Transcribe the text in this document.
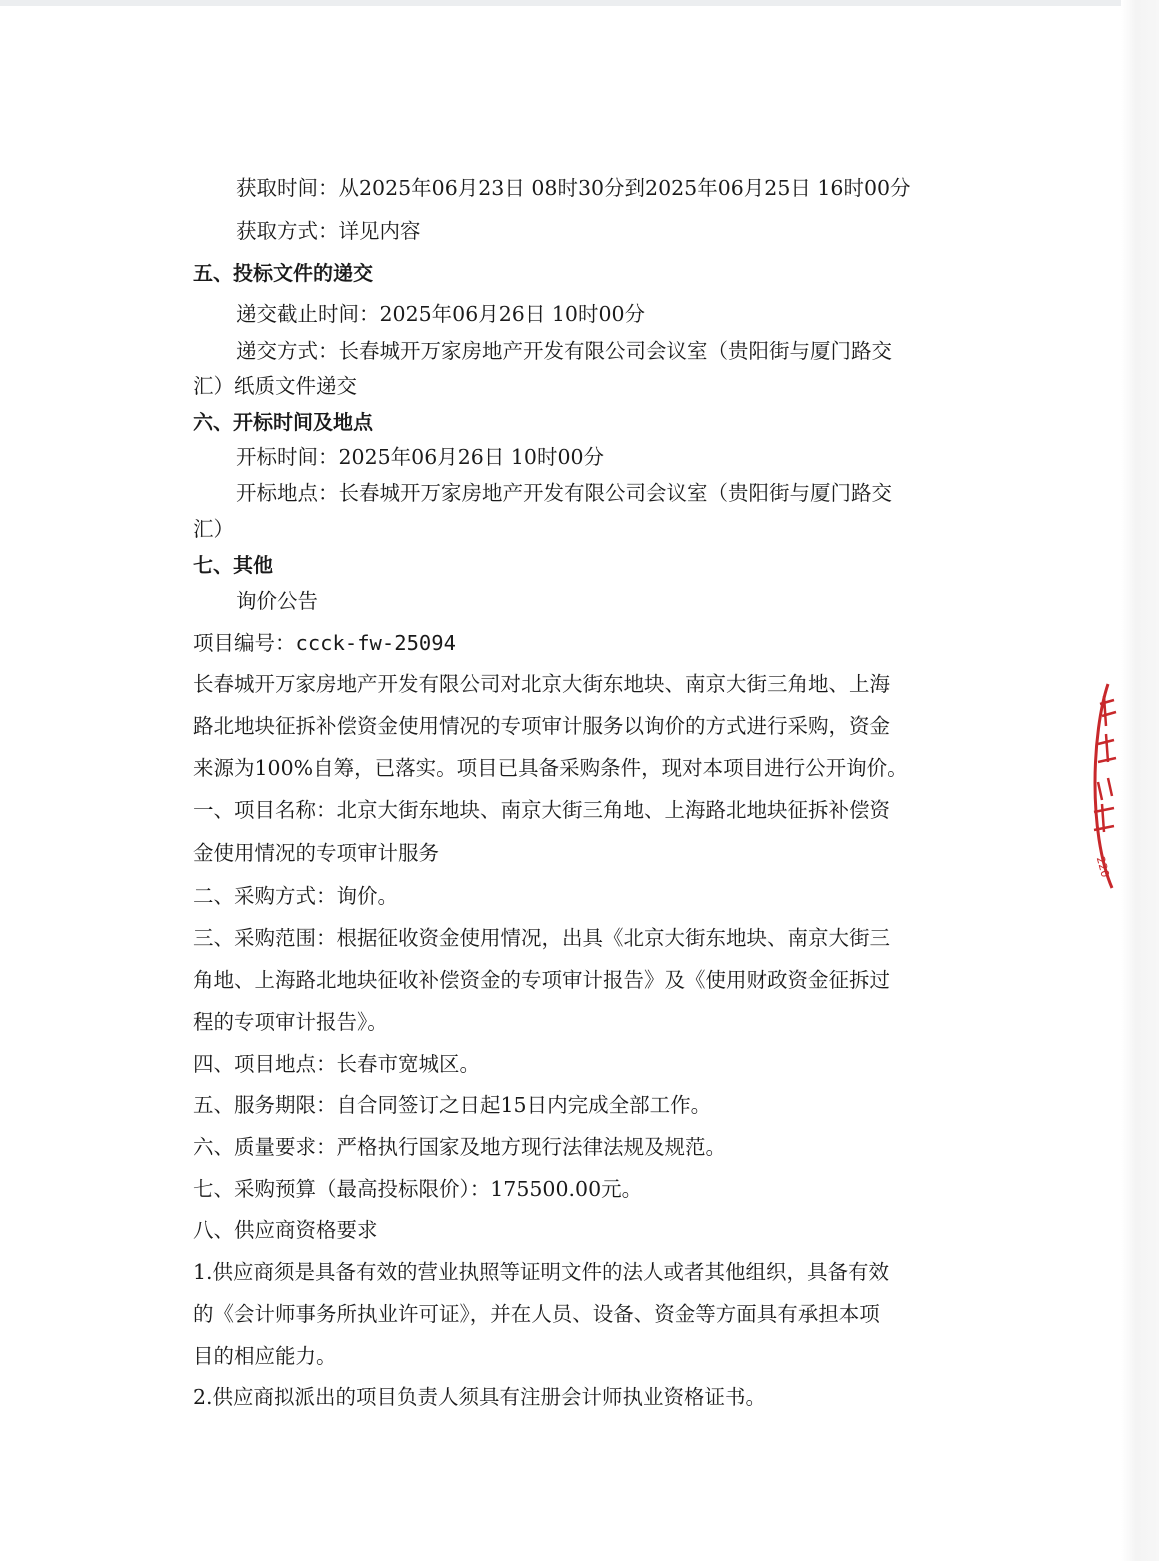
获取时间：从2025年06月23日 08时30分到2025年06月25日 16时00分

获取方式：详见内容

五、投标文件的递交

递交截止时间：2025年06月26日 10时00分

递交方式：长春城开万家房地产开发有限公司会议室（贵阳街与厦门路交

汇）纸质文件递交

六、开标时间及地点

开标时间：2025年06月26日 10时00分

开标地点：长春城开万家房地产开发有限公司会议室（贵阳街与厦门路交

汇）

七、其他

询价公告

项目编号：ccck-fw-25094

长春城开万家房地产开发有限公司对北京大街东地块、南京大街三角地、上海

路北地块征拆补偿资金使用情况的专项审计服务以询价的方式进行采购，资金

来源为100%自筹，已落实。项目已具备采购条件，现对本项目进行公开询价。

一、项目名称：北京大街东地块、南京大街三角地、上海路北地块征拆补偿资

金使用情况的专项审计服务

二、采购方式：询价。

三、采购范围：根据征收资金使用情况，出具《北京大街东地块、南京大街三

角地、上海路北地块征收补偿资金的专项审计报告》及《使用财政资金征拆过

程的专项审计报告》。

四、项目地点：长春市宽城区。

五、服务期限：自合同签订之日起15日内完成全部工作。

六、质量要求：严格执行国家及地方现行法律法规及规范。

七、采购预算（最高投标限价）：175500.00元。

八、供应商资格要求

1.供应商须是具备有效的营业执照等证明文件的法人或者其他组织，具备有效

的《会计师事务所执业许可证》，并在人员、设备、资金等方面具有承担本项

目的相应能力。

2.供应商拟派出的项目负责人须具有注册会计师执业资格证书。

220
